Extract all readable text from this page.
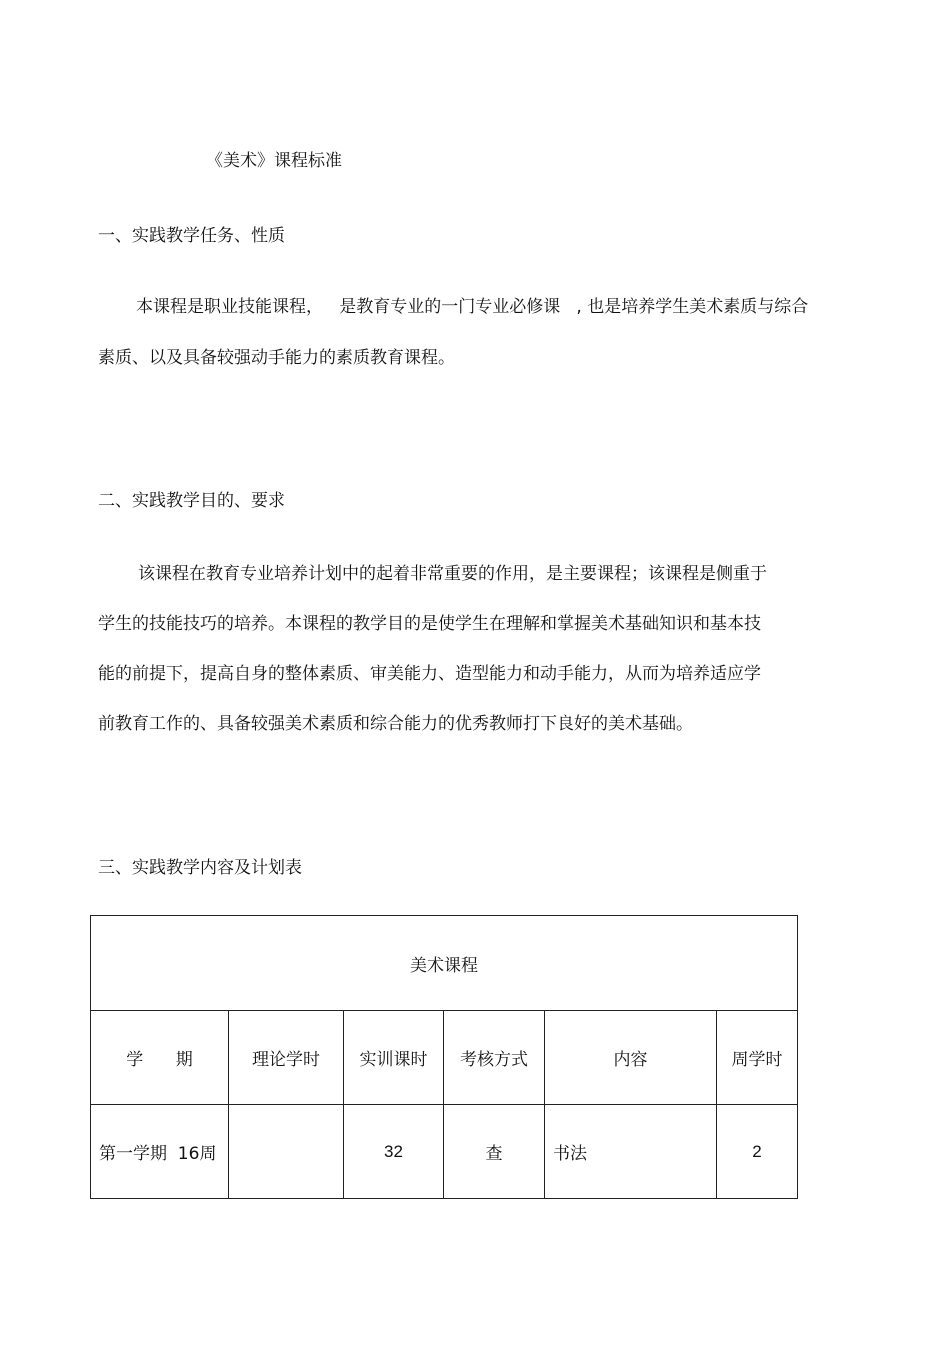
《美术》课程标准
一、实践教学任务、性质
本课程是职业技能课程，   是教育专业的一门专业必修课   , 也是培养学生美术素质与综合
素质、以及具备较强动手能力的素质教育课程。
二、实践教学目的、要求
该课程在教育专业培养计划中的起着非常重要的作用，是主要课程；该课程是侧重于
学生的技能技巧的培养。本课程的教学目的是使学生在理解和掌握美术基础知识和基本技
能的前提下，提高自身的整体素质、审美能力、造型能力和动手能力，从而为培养适应学
前教育工作的、具备较强美术素质和综合能力的优秀教师打下良好的美术基础。
三、实践教学内容及计划表
美术课程					
学      期	理论学时	实训课时	考核方式	内容	周学时
第一学期  16周		32	查	书法	2
